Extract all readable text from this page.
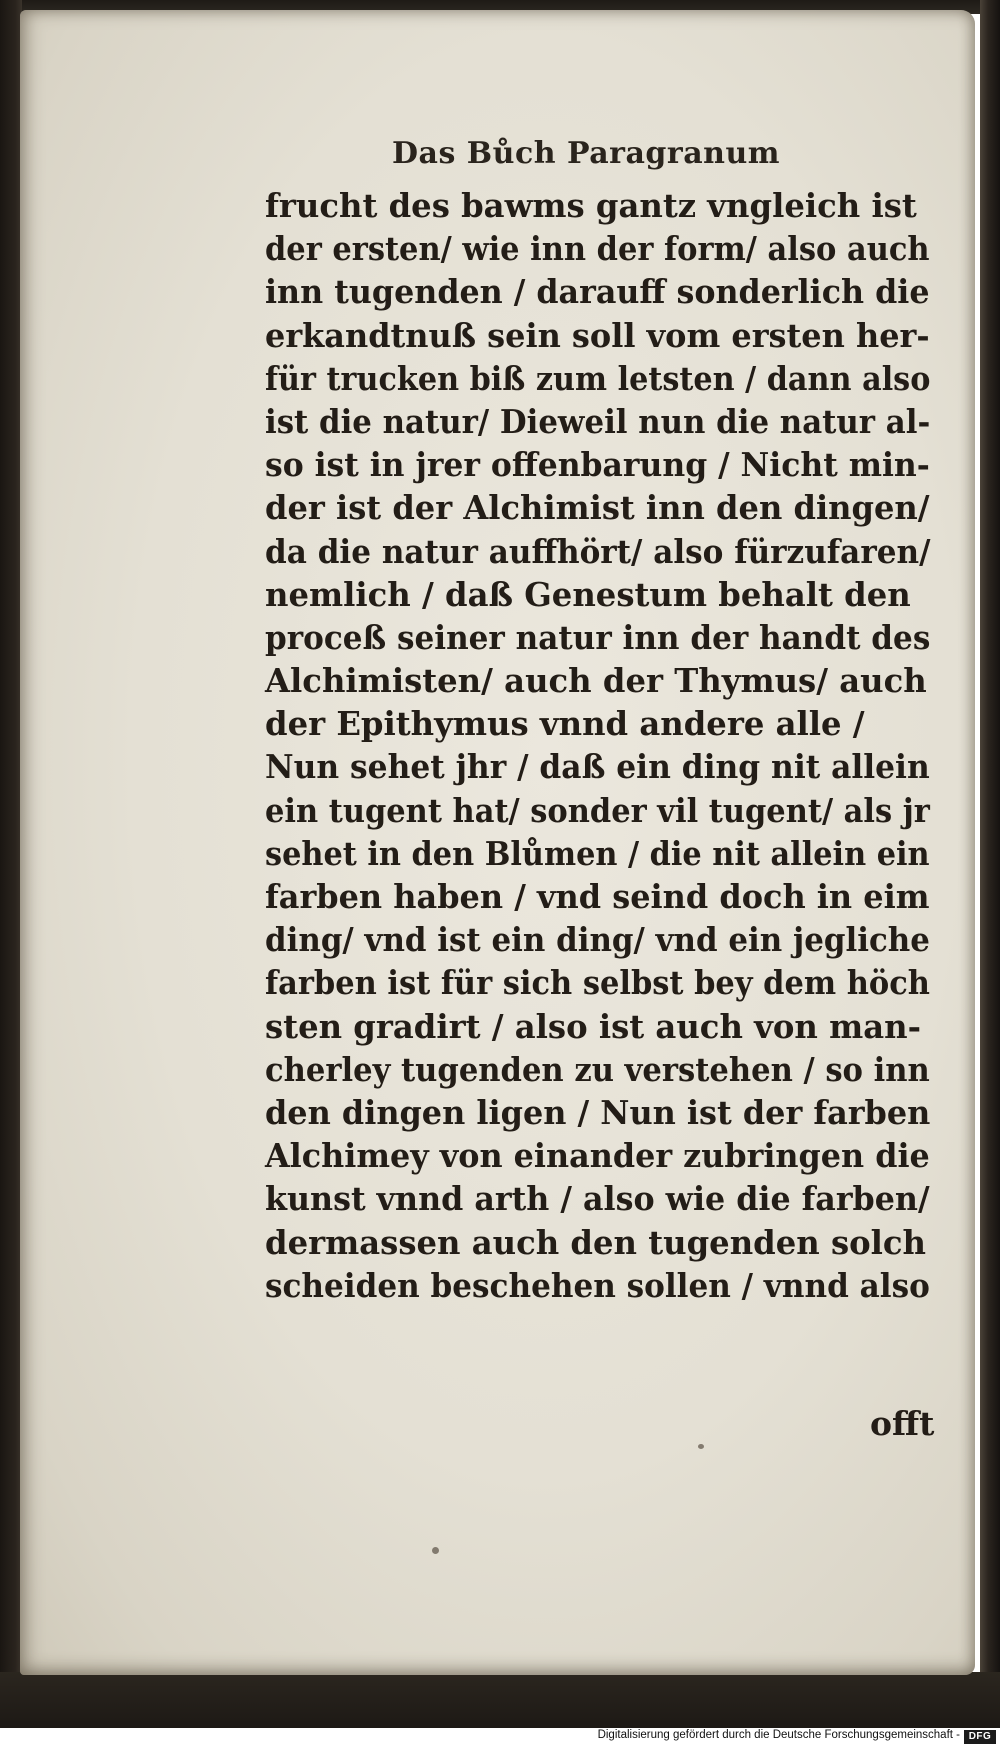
Das Bůch Paragranum
frucht des bawms gantz vngleich ist
der ersten/ wie inn der form/ also auch
inn tugenden / darauff sonderlich die
erkandtnuß sein soll vom ersten her-
für trucken biß zum letsten / dann also
ist die natur/ Dieweil nun die natur al-
so ist in jrer offenbarung / Nicht min-
der ist der Alchimist inn den dingen/
da die natur auffhört/ also fürzufaren/
nemlich / daß Genestum behalt den
proceß seiner natur inn der handt des
Alchimisten/ auch der Thymus/ auch
der Epithymus vnnd andere alle /
Nun sehet jhr / daß ein ding nit allein
ein tugent hat/ sonder vil tugent/ als jr
sehet in den Blůmen / die nit allein ein
farben haben / vnd seind doch in eim
ding/ vnd ist ein ding/ vnd ein jegliche
farben ist für sich selbst bey dem höch
sten gradirt / also ist auch von man-
cherley tugenden zu verstehen / so inn
den dingen ligen / Nun ist der farben
Alchimey von einander zubringen die
kunst vnnd arth / also wie die farben/
dermassen auch den tugenden solch
scheiden beschehen sollen / vnnd also
offt
Digitalisierung gefördert durch die Deutsche Forschungsgemeinschaft - DFG
